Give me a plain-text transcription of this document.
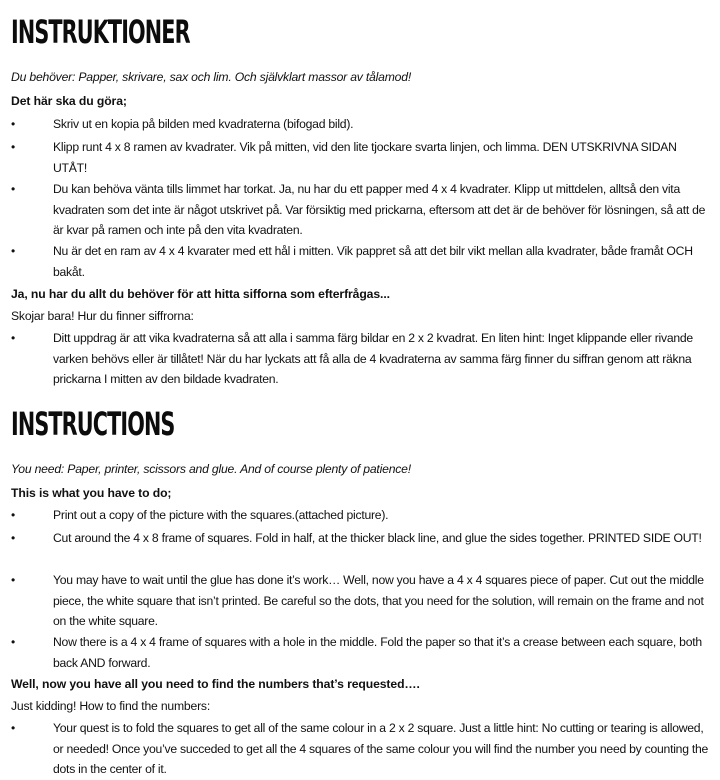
INSTRUKTIONER

Du behöver: Papper, skrivare, sax och lim. Och självklart massor av tålamod!

Det här ska du göra;

•	Skriv ut en kopia på bilden med kvadraterna (bifogad bild).

•	Klipp runt 4 x 8 ramen av kvadrater. Vik på mitten, vid den lite tjockare svarta linjen, och limma. DEN UTSKRIVNA SIDAN UTÅT!

•	Du kan behöva vänta tills limmet har torkat. Ja, nu har du ett papper med 4 x 4 kvadrater. Klipp ut mittdelen, alltså den vita kvadraten som det inte är något utskrivet på. Var försiktig med prickarna, eftersom att det är de behöver för lösningen, så att de är kvar på ramen och inte på den vita kvadraten.

•	Nu är det en ram av 4 x 4 kvarater med ett hål i mitten. Vik pappret så att det bilr vikt mellan alla kvadrater, både framåt OCH bakåt.

Ja, nu har du allt du behöver för att hitta sifforna som efterfrågas...

Skojar bara! Hur du finner siffrorna:

•	Ditt uppdrag är att vika kvadraterna så att alla i samma färg bildar en 2 x 2 kvadrat. En liten hint: Inget klippande eller rivande varken behövs eller är tillåtet! När du har lyckats att få alla de 4 kvadraterna av samma färg finner du siffran genom att räkna prickarna I mitten av den bildade kvadraten.

INSTRUCTIONS

You need: Paper, printer, scissors and glue. And of course plenty of patience!

This is what you have to do;

•	Print out a copy of the picture with the squares.(attached picture).

•	Cut around the 4 x 8 frame of squares. Fold in half, at the thicker black line, and glue the sides together. PRINTED SIDE OUT!

•	You may have to wait until the glue has done it’s work… Well, now you have a 4 x 4 squares piece of paper. Cut out the middle piece, the white square that isn’t printed. Be careful so the dots, that you need for the solution, will remain on the frame and not on the white square.

•	Now there is a 4 x 4 frame of squares with a hole in the middle. Fold the paper so that it’s a crease between each square, both back AND forward.

Well, now you have all you need to find the numbers that’s requested….

Just kidding! How to find the numbers:

•	Your quest is to fold the squares to get all of the same colour in a 2 x 2 square. Just a little hint: No cutting or tearing is allowed, or needed! Once you’ve succeded to get all the 4 squares of the same colour you will find the number you need by counting the dots in the center of it.
